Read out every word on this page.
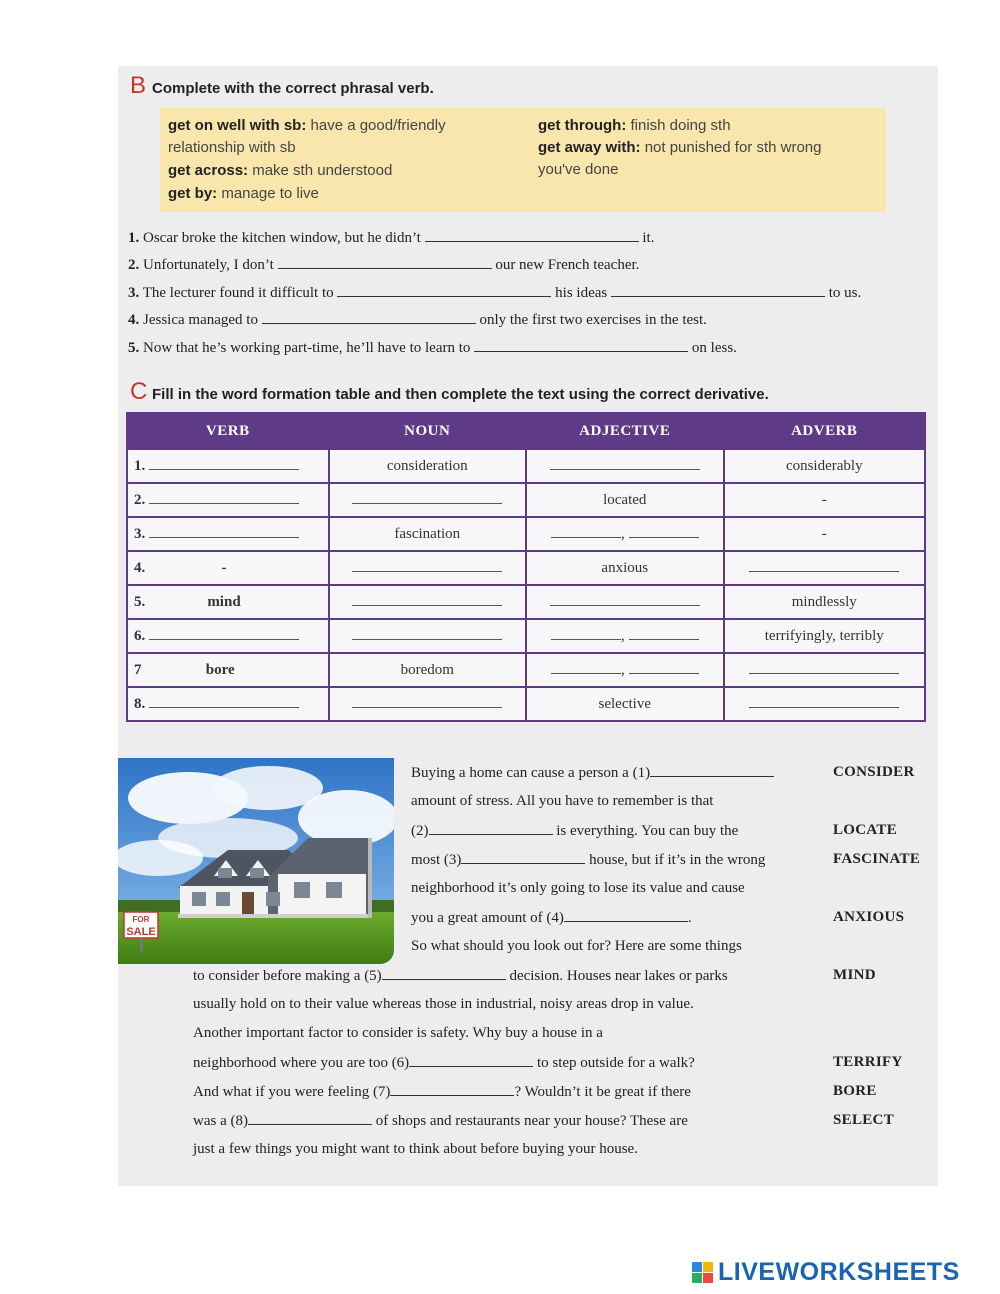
B Complete with the correct phrasal verb.
get on well with sb: have a good/friendly
relationship with sb
get across: make sth understood
get by: manage to live
get through: finish doing sth
get away with: not punished for sth wrong
you've done
1. Oscar broke the kitchen window, but he didn’t	it.
2. Unfortunately, I don’t	our new French teacher.
3. The lecturer found it difficult to	his ideas	to us.
4. Jessica managed to	only the first two exercises in the test.
5. Now that he’s working part-time, he’ll have to learn to	on less.
C Fill in the word formation table and then complete the text using the correct derivative.
VERB	NOUN	ADJECTIVE	ADVERB
1.	consideration		considerably
2.		located	-
3.	fascination	,	-
4. -		anxious	
5. mind			mindlessly
6.		,	terrifyingly, terribly
7 bore	boredom	,	
8.		selective	
FOR
SALE
Buying a home can cause a person a (1)
amount of stress. All you have to remember is that
(2)	is everything. You can buy the
most (3)	house, but if it’s in the wrong
neighborhood it’s only going to lose its value and cause
you a great amount of (4)	.
So what should you look out for? Here are some things
to consider before making a (5)	decision. Houses near lakes or parks
usually hold on to their value whereas those in industrial, noisy areas drop in value.
Another important factor to consider is safety. Why buy a house in a
neighborhood where you are too (6)	to step outside for a walk?
And what if you were feeling (7)	? Wouldn’t it be great if there
was a (8)	of shops and restaurants near your house? These are
just a few things you might want to think about before buying your house.
CONSIDER
LOCATE
FASCINATE
ANXIOUS
MIND
TERRIFY
BORE
SELECT
LIVEWORKSHEETS
